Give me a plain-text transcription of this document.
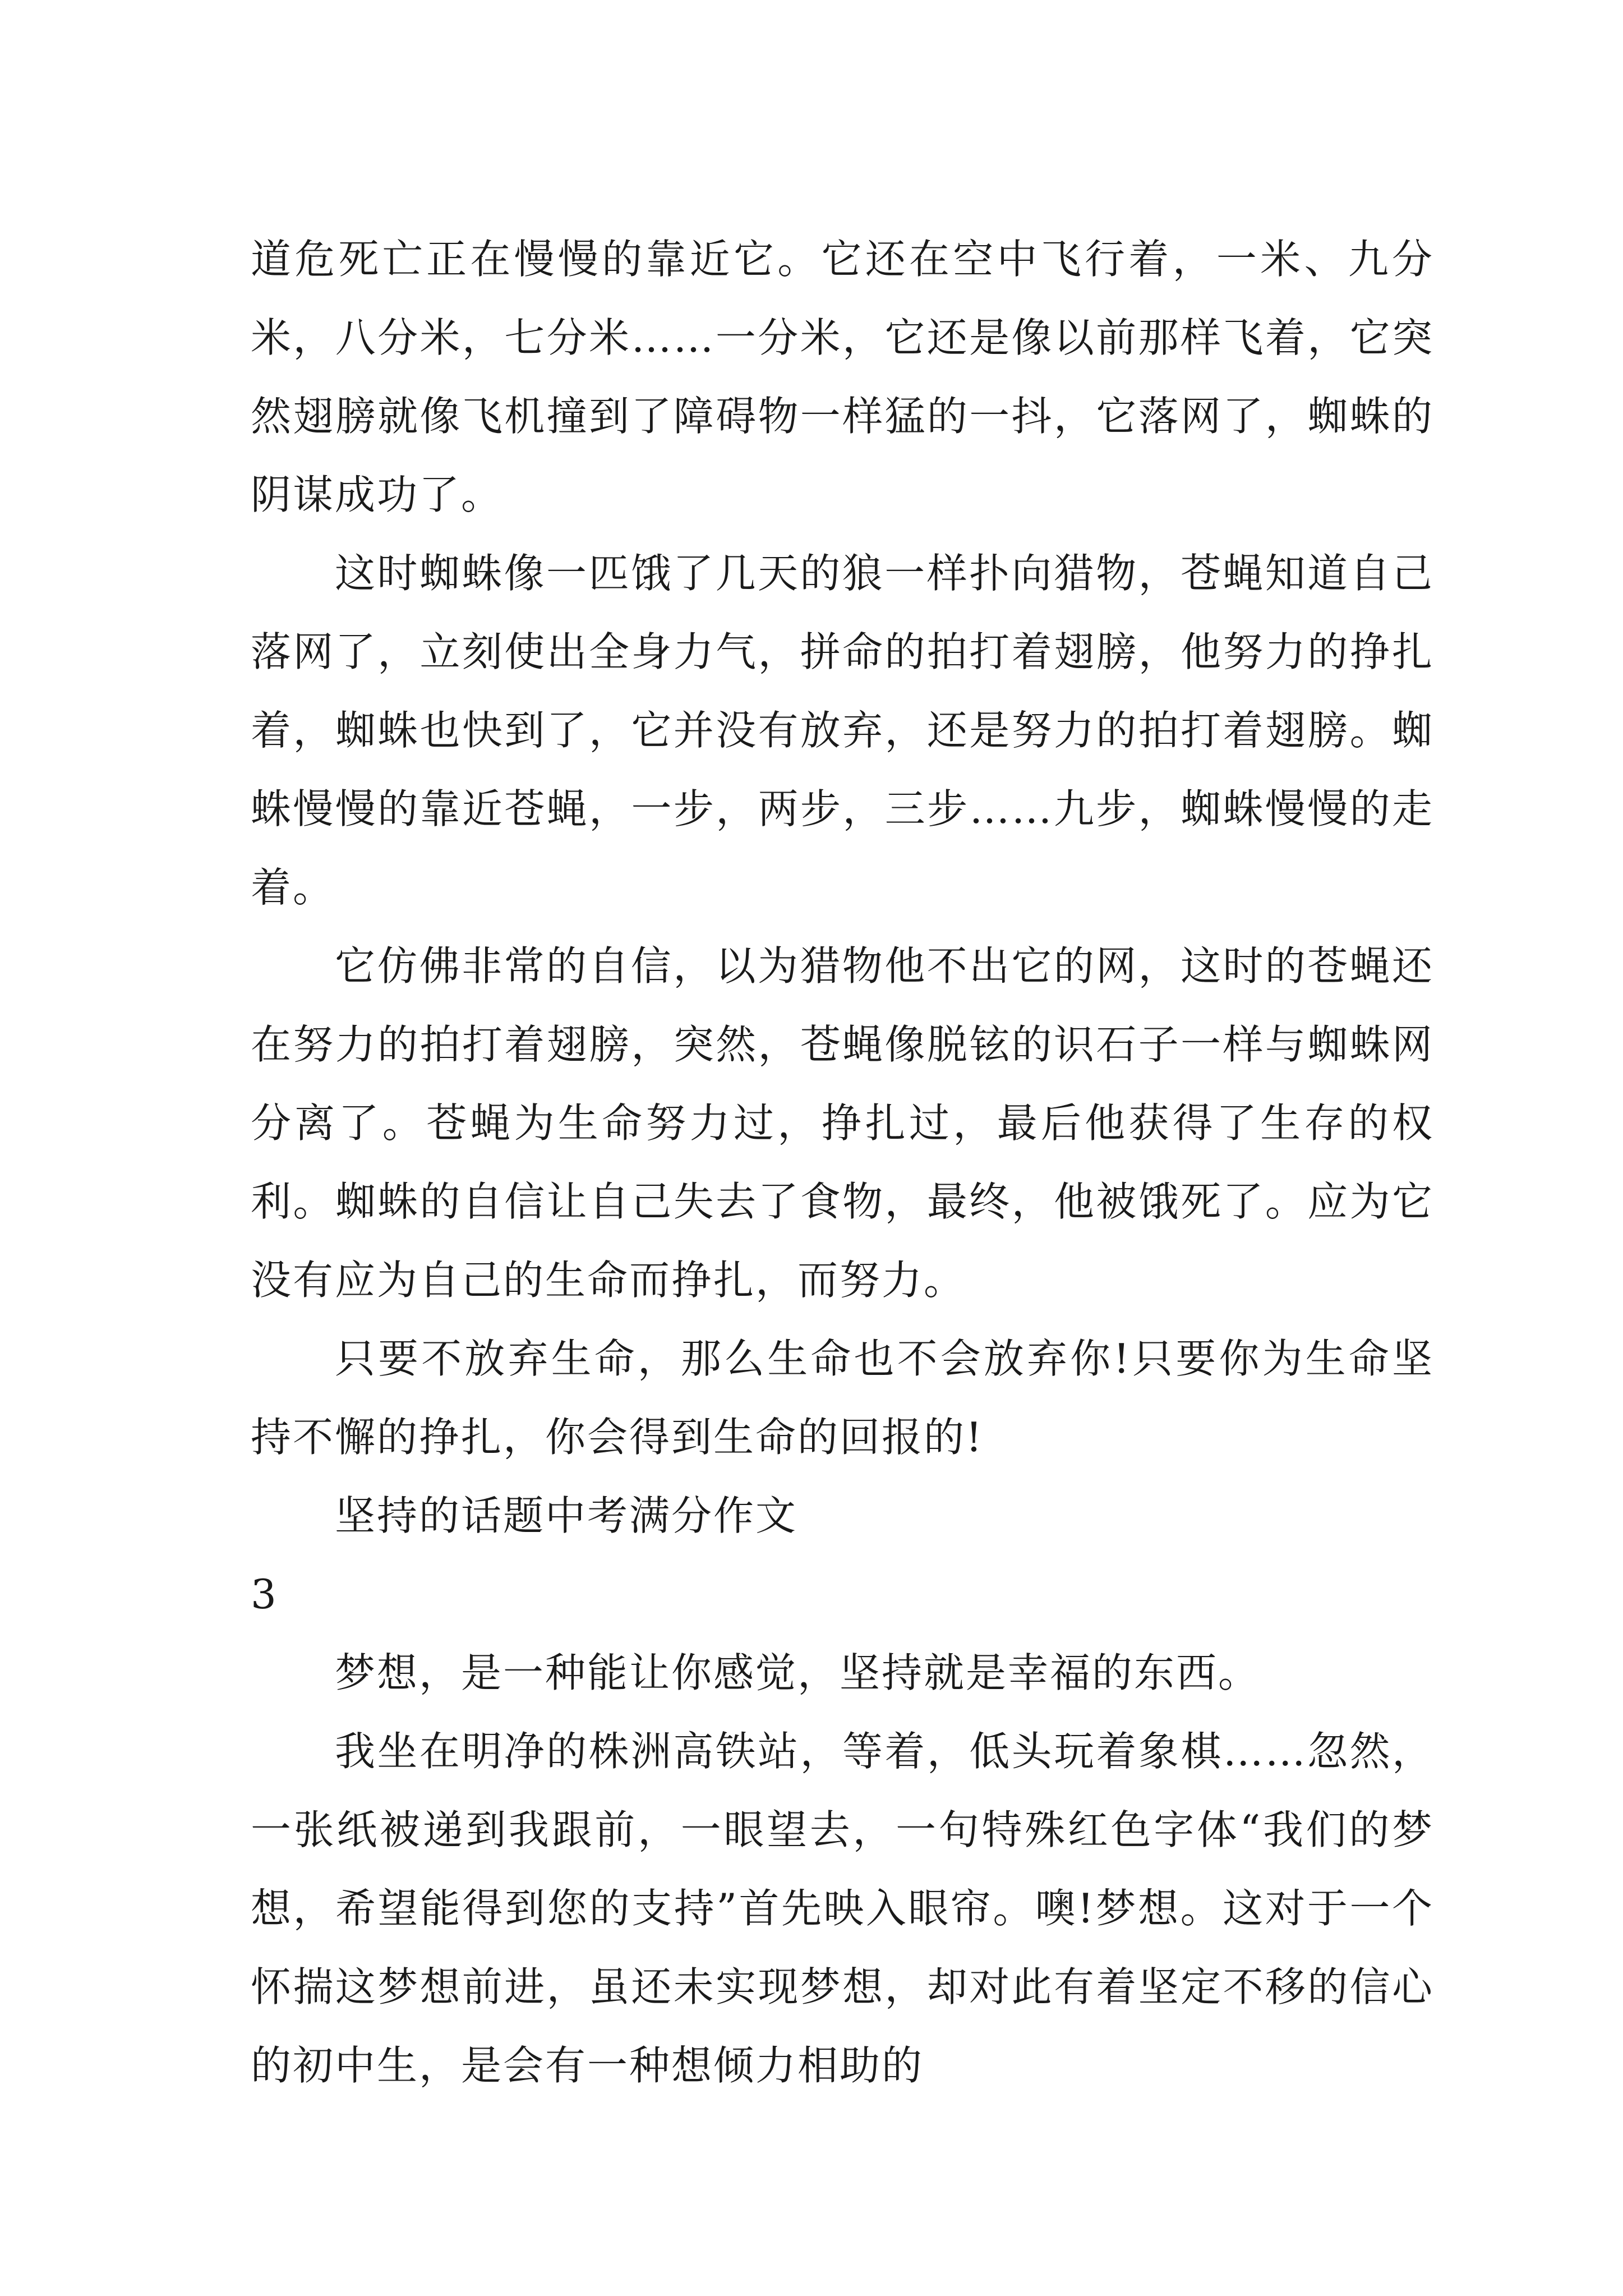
道危死亡正在慢慢的靠近它。它还在空中飞行着，一米、九分米，八分米，七分米……一分米，它还是像以前那样飞着，它突然翅膀就像飞机撞到了障碍物一样猛的一抖，它落网了，蜘蛛的阴谋成功了。

这时蜘蛛像一匹饿了几天的狼一样扑向猎物，苍蝇知道自己落网了，立刻使出全身力气，拼命的拍打着翅膀，他努力的挣扎着，蜘蛛也快到了，它并没有放弃，还是努力的拍打着翅膀。蜘蛛慢慢的靠近苍蝇，一步，两步，三步……九步，蜘蛛慢慢的走着。

它仿佛非常的自信，以为猎物他不出它的网，这时的苍蝇还在努力的拍打着翅膀，突然，苍蝇像脱铉的识石子一样与蜘蛛网分离了。苍蝇为生命努力过，挣扎过，最后他获得了生存的权利。蜘蛛的自信让自己失去了食物，最终，他被饿死了。应为它没有应为自己的生命而挣扎，而努力。

只要不放弃生命，那么生命也不会放弃你!只要你为生命坚持不懈的挣扎，你会得到生命的回报的!

坚持的话题中考满分作文

3

梦想，是一种能让你感觉，坚持就是幸福的东西。

我坐在明净的株洲高铁站，等着，低头玩着象棋……忽然，一张纸被递到我跟前，一眼望去，一句特殊红色字体“我们的梦想，希望能得到您的支持”首先映入眼帘。噢!梦想。这对于一个怀揣这梦想前进，虽还未实现梦想，却对此有着坚定不移的信心的初中生，是会有一种想倾力相助的
